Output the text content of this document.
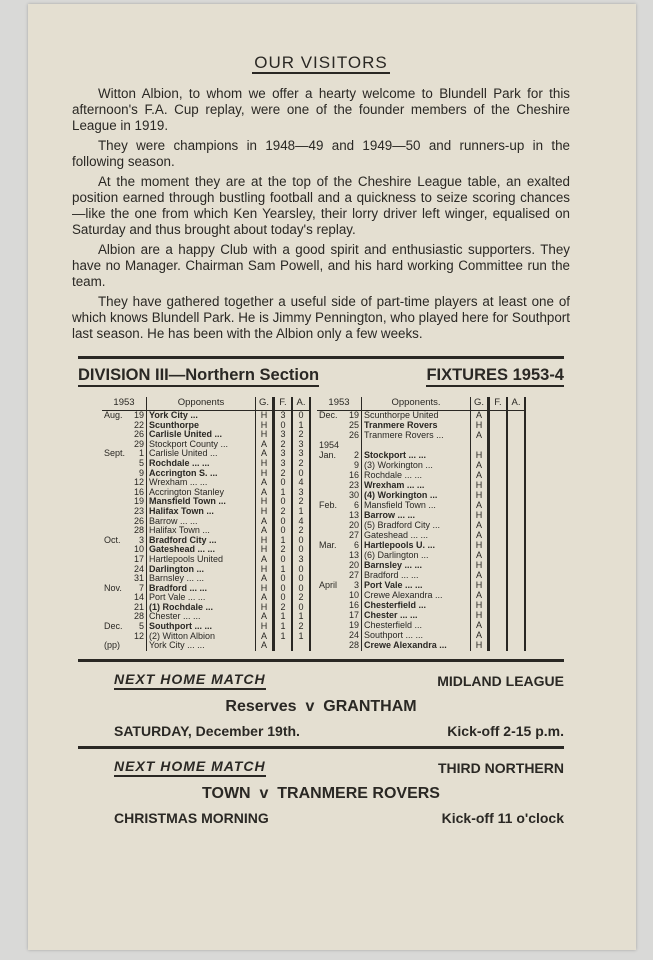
OUR VISITORS

Witton Albion, to whom we offer a hearty welcome to Blundell Park for this afternoon's F.A. Cup replay, were one of the founder members of the Cheshire League in 1919.

They were champions in 1948—49 and 1949—50 and runners-up in the following season.

At the moment they are at the top of the Cheshire League table, an exalted position earned through bustling football and a quickness to seize scoring chances—like the one from which Ken Yearsley, their lorry driver left winger, equalised on Saturday and thus brought about today's replay.

Albion are a happy Club with a good spirit and enthusiastic supporters. They have no Manager. Chairman Sam Powell, and his hard working Committee run the team.

They have gathered together a useful side of part-time players at least one of which knows Blundell Park. He is Jimmy Pennington, who played here for Southport last season. He has been with the Albion only a few weeks.

DIVISION III—Northern Section	FIXTURES 1953-4
1953		Opponents	G.	F.	A.
Aug.	19	York City ...	H	3	0
	22	Scunthorpe	H	0	1
	26	Carlisle United ...	H	3	2
	29	Stockport County ...	A	2	3
Sept.	1	Carlisle United ...	A	3	3
	5	Rochdale ... ...	H	3	2
	9	Accrington S. ...	H	2	0
	12	Wrexham ... ...	A	0	4
	16	Accrington Stanley	A	1	3
	19	Mansfield Town ...	H	0	2
	23	Halifax Town ...	H	2	1
	26	Barrow ... ...	A	0	4
	28	Halifax Town ...	A	0	2
Oct.	3	Bradford City ...	H	1	0
	10	Gateshead ... ...	H	2	0
	17	Hartlepools United	A	0	3
	24	Darlington ...	H	1	0
	31	Barnsley ... ...	A	0	0
Nov.	7	Bradford ... ...	H	0	0
	14	Port Vale ... ...	A	0	2
	21	(1) Rochdale ...	H	2	0
	28	Chester ... ...	A	1	1
Dec.	5	Southport ... ...	H	1	2
	12	(2) Witton Albion	A	1	1
(pp)		York City ... ...	A		
1953		Opponents.	G.	F.	A.
Dec.	19	Scunthorpe United	A		
	25	Tranmere Rovers	H		
	26	Tranmere Rovers ...	A		
1954					
Jan.	2	Stockport ... ...	H		
	9	(3) Workington ...	A		
	16	Rochdale ... ...	A		
	23	Wrexham ... ...	H		
	30	(4) Workington ...	H		
Feb.	6	Mansfield Town ...	A		
	13	Barrow ... ...	H		
	20	(5) Bradford City ...	A		
	27	Gateshead ... ...	A		
Mar.	6	Hartlepools U. ...	H		
	13	(6) Darlington ...	A		
	20	Barnsley ... ...	H		
	27	Bradford ... ...	A		
April	3	Port Vale ... ...	H		
	10	Crewe Alexandra ...	A		
	16	Chesterfield ...	H		
	17	Chester ... ...	H		
	19	Chesterfield ...	A		
	24	Southport ... ...	A		
	28	Crewe Alexandra ...	H		
NEXT HOME MATCH	MIDLAND LEAGUE
Reserves  v  GRANTHAM
SATURDAY, December 19th.	Kick-off 2-15 p.m.
NEXT HOME MATCH	THIRD NORTHERN
TOWN  v  TRANMERE ROVERS
CHRISTMAS MORNING	Kick-off 11 o'clock
